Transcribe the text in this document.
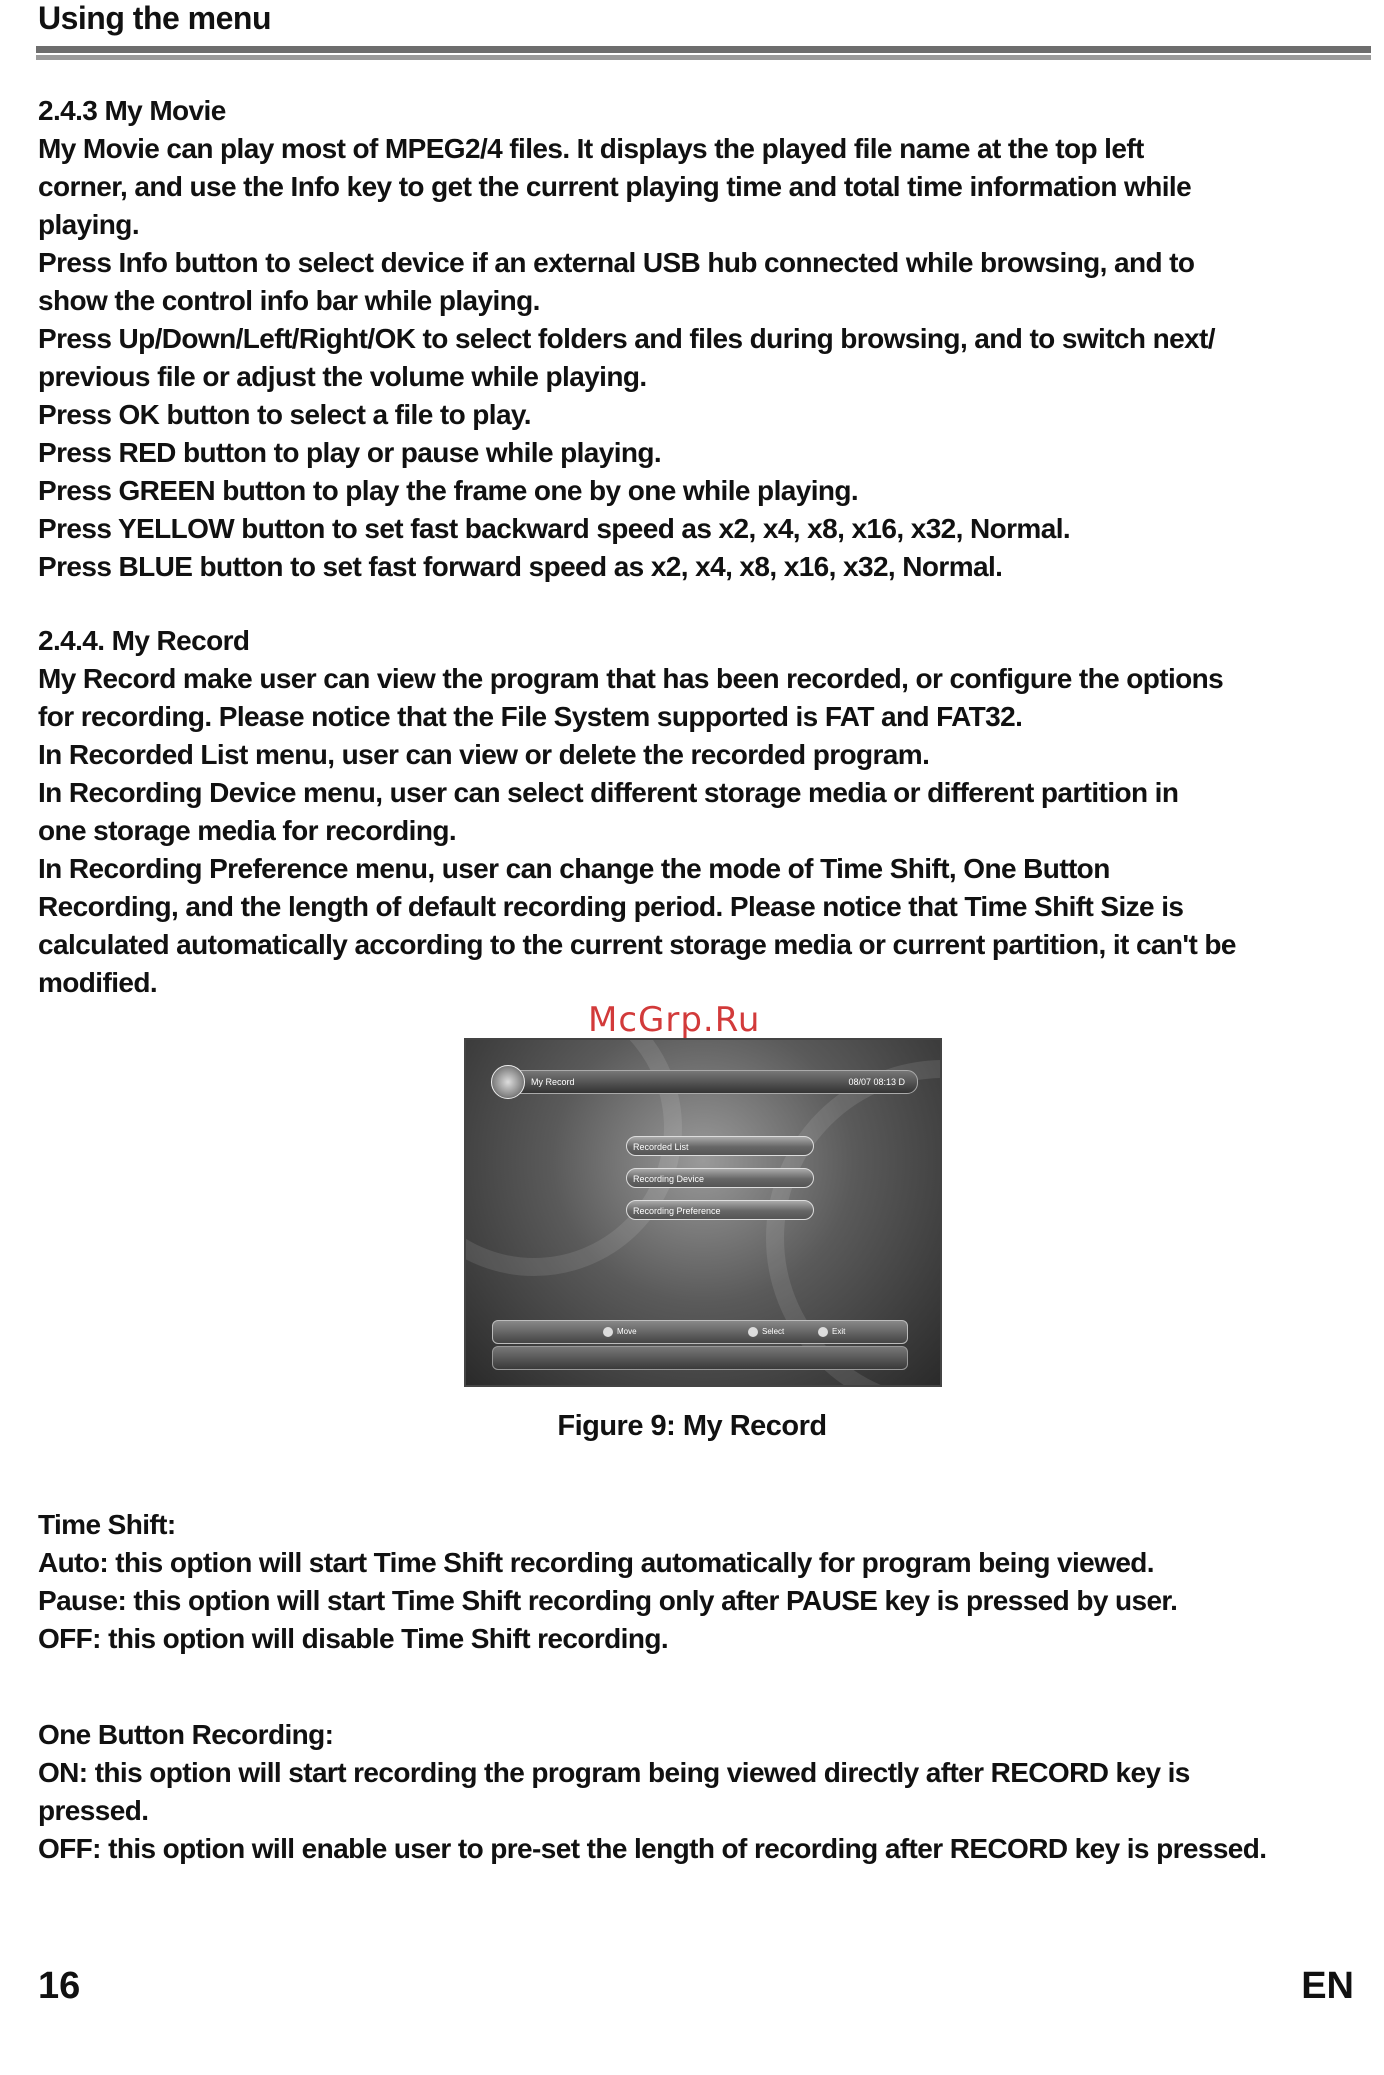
Using the menu
2.4.3 My Movie
My Movie can play most of MPEG2/4 files. It displays the played file name at the top left
corner, and use the Info key to get the current playing time and total time information while
playing.
Press Info button to select device if an external USB hub connected while browsing, and to
show the control info bar while playing.
Press Up/Down/Left/Right/OK to select folders and files during browsing, and to switch next/
previous file or adjust the volume while playing.
Press OK button to select a file to play.
Press RED button to play or pause while playing.
Press GREEN button to play the frame one by one while playing.
Press YELLOW button to set fast backward speed as x2, x4, x8, x16, x32, Normal.
Press BLUE button to set fast forward speed as x2, x4, x8, x16, x32, Normal.
2.4.4. My Record
My Record make user can view the program that has been recorded, or configure the options
for recording. Please notice that the File System supported is FAT and FAT32.
In Recorded List menu, user can view or delete the recorded program.
In Recording Device menu, user can select different storage media or different partition in
one storage media for recording.
In Recording Preference menu, user can change the mode of Time Shift, One Button
Recording, and the length of default recording period. Please notice that Time Shift Size is
calculated automatically according to the current storage media or current partition, it can't be
modified.
My Record	08/07 08:13 D
Recorded List
Recording Device
Recording Preference
Move	Select	Exit
McGrp.Ru
Figure 9: My Record
Time Shift:
Auto: this option will start Time Shift recording automatically for program being viewed.
Pause: this option will start Time Shift recording only after PAUSE key is pressed by user.
OFF: this option will disable Time Shift recording.
One Button Recording:
ON: this option will start recording the program being viewed directly after RECORD key is
pressed.
OFF: this option will enable user to pre-set the length of recording after RECORD key is pressed.
16	EN
